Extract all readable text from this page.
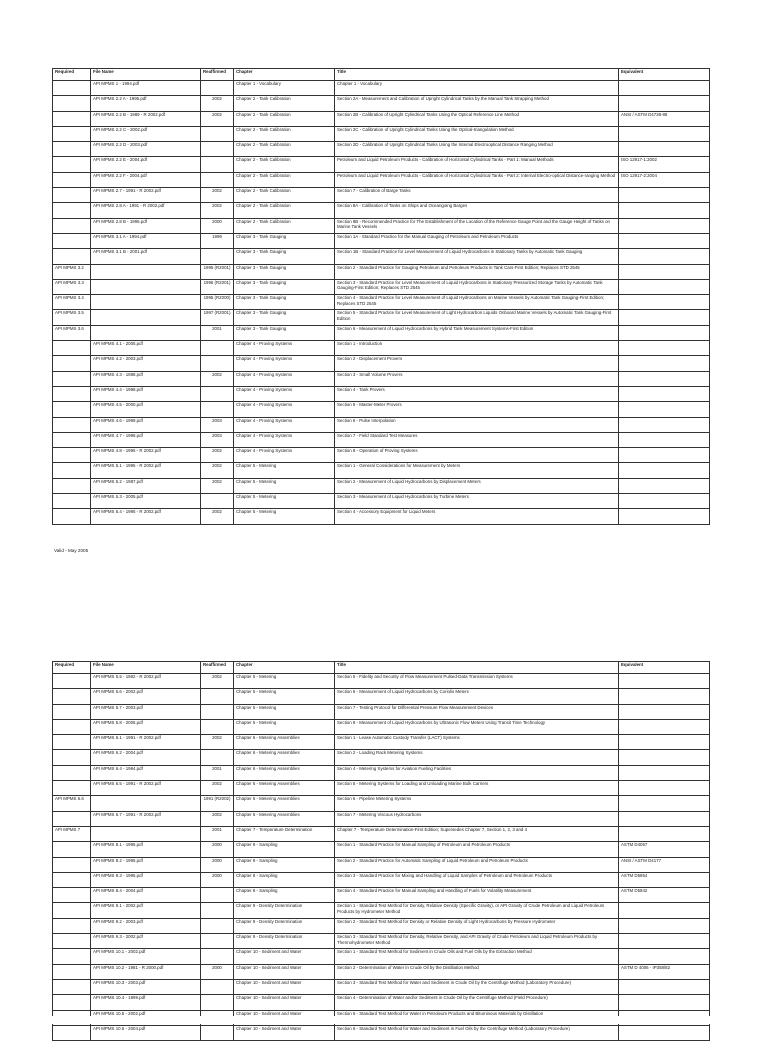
Required	File Name	Reaffirmed	Chapter	Title	Equivalent
	API MPMS 1 - 1994.pdf		Chapter 1 - Vocabulary	Chapter 1 - Vocabulary	
	API MPMS 2.2 A - 1995.pdf	2002	Chapter 2 - Tank Calibration	Section 2A - Measurement and Calibration of Upright Cylindrical Tanks by the Manual Tank Strapping Method	
	API MPMS 2.2 B - 1989 - R 2002.pdf	2002	Chapter 2 - Tank Calibration	Section 2B - Calibration of Upright Cylindrical Tanks Using the Optical Reference Line Method	ANSI / ASTM D4738-88
	API MPMS 2.2 C - 2002.pdf		Chapter 2 - Tank Calibration	Section 2C - Calibration of Upright Cylindrical Tanks Using the Optical-triangulation Method	
	API MPMS 2.2 D - 2003.pdf		Chapter 2 - Tank Calibration	Section 2D - Calibration of Upright Cylindrical Tanks Using the Internal Electrooptical Distance Ranging Method	
	API MPMS 2.2 E - 2004.pdf		Chapter 2 - Tank Calibration	Petroleum and Liquid Petroleum Products - Calibration of Horizontal Cylindrical Tanks - Part 1: Manual Methods	ISO 12917-1:2002
	API MPMS 2.2 F - 2004.pdf		Chapter 2 - Tank Calibration	Petroleum and Liquid Petroleum Products - Calibration of Horizontal Cylindrical Tanks - Part 2: Internal Electro-optical Distance-ranging Method	ISO 12917-2:2004
	API MPMS 2.7 - 1991 - R 2002.pdf	2002	Chapter 2 - Tank Calibration	Section 7 - Calibration of Barge Tanks	
	API MPMS 2.8 A - 1991 - R 2002.pdf	2002	Chapter 2 - Tank Calibration	Section 8A - Calibration of Tanks on Ships and Oceangoing Barges	
	API MPMS 2.8 B - 1995.pdf	2000	Chapter 2 - Tank Calibration	Section 8B - Recommended Practice for The Establishment of the Location of the Reference Gauge Point and the Gauge Height of Tanks on Marine Tank Vessels	
	API MPMS 3.1 A - 1994.pdf	1999	Chapter 3 - Tank Gauging	Section 1A - Standard Practice for the Manual Gauging of Petroleum and Petroleum Products	
	API MPMS 3.1 B - 2001.pdf		Chapter 3 - Tank Gauging	Section 1B - Standard Practice for Level Measurement of Liquid Hydrocarbons in Stationary Tanks by Automatic Tank Gauging	
API MPMS 3.2		1995 (R2001)	Chapter 3 - Tank Gauging	Section 2 - Standard Practice for Gauging Petroleum and Petroleum Products in Tank Cars-First Edition; Replaces STD 2545	
API MPMS 3.3		1996 (R2001)	Chapter 3 - Tank Gauging	Section 3 - Standard Practice for Level Measurement of Liquid Hydrocarbons in Stationary Pressurized Storage Tanks by Automatic Tank Gauging-First Edition; Replaces STD 2545	
API MPMS 3.4		1995 (R2000)	Chapter 3 - Tank Gauging	Section 4 - Standard Practice for Level Measurement of Liquid Hydrocarbons on Marine Vessels by Automatic Tank Gauging-First Edition; Replaces STD 2545	
API MPMS 3.5		1997 (R2001)	Chapter 3 - Tank Gauging	Section 5 - Standard Practice for Level Measurement of Light Hydrocarbon Liquids Onboard Marine Vessels by Automatic Tank Gauging-First Edition	
API MPMS 3.6		2001	Chapter 3 - Tank Gauging	Section 6 - Measurement of Liquid Hydrocarbons by Hybrid Tank Measurement Systems-First Edition	
	API MPMS 4.1 - 2005.pdf		Chapter 4 - Proving Systems	Section 1 - Introduction	
	API MPMS 4.2 - 2003.pdf		Chapter 4 - Proving Systems	Section 2 - Displacement Provers	
	API MPMS 4.3 - 1988.pdf	2002	Chapter 4 - Proving Systems	Section 3 - Small Volume Provers	
	API MPMS 4.4 - 1998.pdf		Chapter 4 - Proving Systems	Section 4 - Tank Provers	
	API MPMS 4.5 - 2000.pdf		Chapter 4 - Proving Systems	Section 5 - Master-Meter Provers	
	API MPMS 4.6 - 1999.pdf	2003	Chapter 4 - Proving Systems	Section 6 - Pulse Interpolation	
	API MPMS 4.7 - 1998.pdf	2003	Chapter 4 - Proving Systems	Section 7 - Field Standard Test Measures	
	API MPMS 4.8 - 1995 - R 2002.pdf	2002	Chapter 4 - Proving Systems	Section 8 - Operation of Proving Systems	
	API MPMS 5.1 - 1995 - R 2002.pdf	2002	Chapter 5 - Metering	Section 1 - General Considerations for Measurement by Meters	
	API MPMS 5.2 - 1987.pdf	2002	Chapter 5 - Metering	Section 2 - Measurement of Liquid Hydrocarbons by Displacement Meters	
	API MPMS 5.3 - 2005.pdf		Chapter 5 - Metering	Section 3 - Measurement of Liquid Hydrocarbons by Turbine Meters	
	API MPMS 5.4 - 1995 - R 2002.pdf	2002	Chapter 5 - Metering	Section 4 - Accessory Equipment for Liquid Meters	
Valid - May 2005
Required	File Name	Reaffirmed	Chapter	Title	Equivalent
	API MPMS 5.5 - 1982 - R 2002.pdf	2002	Chapter 5 - Metering	Section 5 - Fidelity and Security of Flow Measurement Pulsed-Data Transmission Systems	
	API MPMS 5.6 - 2002.pdf		Chapter 5 - Metering	Section 6 - Measurement of Liquid Hydrocarbons by Coriolis Meters	
	API MPMS 5.7 - 2003.pdf		Chapter 5 - Metering	Section 7 - Testing Protocol for Differential Pressure Flow Measurement Devices	
	API MPMS 5.8 - 2005.pdf		Chapter 5 - Metering	Section 8 - Measurement of Liquid Hydrocarbons by Ultrasonic Flow Meters Using Transit Time Technology	
	API MPMS 6.1 - 1991 - R 2002.pdf	2002	Chapter 6 - Metering Assemblies	Section 1 - Lease Automatic Custody Transfer (LACT) Systems	
	API MPMS 6.2 - 2004.pdf		Chapter 6 - Metering Assemblies	Section 2 - Loading Rack Metering Systems	
	API MPMS 6.4 - 1984.pdf	2001	Chapter 6 - Metering Assemblies	Section 4 - Metering Systems for Aviation Fueling Facilities	
	API MPMS 6.5 - 1991 - R 2002.pdf	2002	Chapter 6 - Metering Assemblies	Section 5 - Metering Systems for Loading and Unloading Marine Bulk Carriers	
API MPMS 6.6		1991 (R2002)	Chapter 6 - Metering Assemblies	Section 6 - Pipeline Metering Systems	
	API MPMS 6.7 - 1991 - R 2002.pdf	2002	Chapter 6 - Metering Assemblies	Section 7 - Metering Viscous Hydrocarbons	
API MPMS 7		2001	Chapter 7 - Temperature Determination	Chapter 7 - Temperature Determination-First Edition; Supersedes Chapter 7, Section 1, 2, 3 and 4	
	API MPMS 8.1 - 1995.pdf	2000	Chapter 8 - Sampling	Section 1 - Standard Practice for Manual Sampling of Petroleum and Petroleum Products	ASTM D4057
	API MPMS 8.2 - 1995.pdf	2000	Chapter 8 - Sampling	Section 2 - Standard Practice for Automatic Sampling of Liquid Petroleum and Petroleum Products	ANSI / ASTM D4177
	API MPMS 8.3 - 1995.pdf	2000	Chapter 8 - Sampling	Section 3 - Standard Practice for Mixing and Handling of Liquid Samples of Petroleum and Petroleum Products	ASTM D5854
	API MPMS 8.4 - 2004.pdf		Chapter 8 - Sampling	Section 4 - Standard Practice for Manual Sampling and Handling of Fuels for Volatility Measurement	ASTM D5842
	API MPMS 9.1 - 2002.pdf		Chapter 9 - Density Determination	Section 1 - Standard Test Method for Density, Relative Density (Specific Gravity), or API Gravity of Crude Petroleum and Liquid Petroleum Products by Hydrometer Method	
	API MPMS 9.2 - 2003.pdf		Chapter 9 - Density Determination	Section 2 - Standard Test Method for Density or Relative Density of Light Hydrocarbons by Pressure Hydrometer	
	API MPMS 9.3 - 2002.pdf		Chapter 9 - Density Determination	Section 3 - Standard Test Method for Density, Relative Density, and API Gravity of Crude Petroleum and Liquid Petroleum Products by Thermohydrometer Method	
	API MPMS 10.1 - 2002.pdf		Chapter 10 - Sediment and Water	Section 1 - Standard Test Method for Sediment in Crude Oils and Fuel Oils by the Extraction Method	
	API MPMS 10.2 - 1981 - R 2000.pdf	2000	Chapter 10 - Sediment and Water	Section 2 - Determination of Water in Crude Oil by the Distillation Method	ASTM D 4006 - IP358/82
	API MPMS 10.3 - 2003.pdf		Chapter 10 - Sediment and Water	Section 3 - Standard Test Method for Water and Sediment in Crude Oil by the Centrifuge Method (Laboratory Procedure)	
	API MPMS 10.4 - 1999.pdf		Chapter 10 - Sediment and Water	Section 4 - Determination of Water and/or Sediment in Crude Oil by the Centrifuge Method (Field Procedure)	
	API MPMS 10.5 - 2002.pdf		Chapter 10 - Sediment and Water	Section 5 - Standard Test Method for Water in Petroleum Products and Bituminous Materials by Distillation	
	API MPMS 10.6 - 2004.pdf		Chapter 10 - Sediment and Water	Section 6 - Standard Test Method for Water and Sediment in Fuel Oils by the Centrifuge Method (Laboratory Procedure)	
